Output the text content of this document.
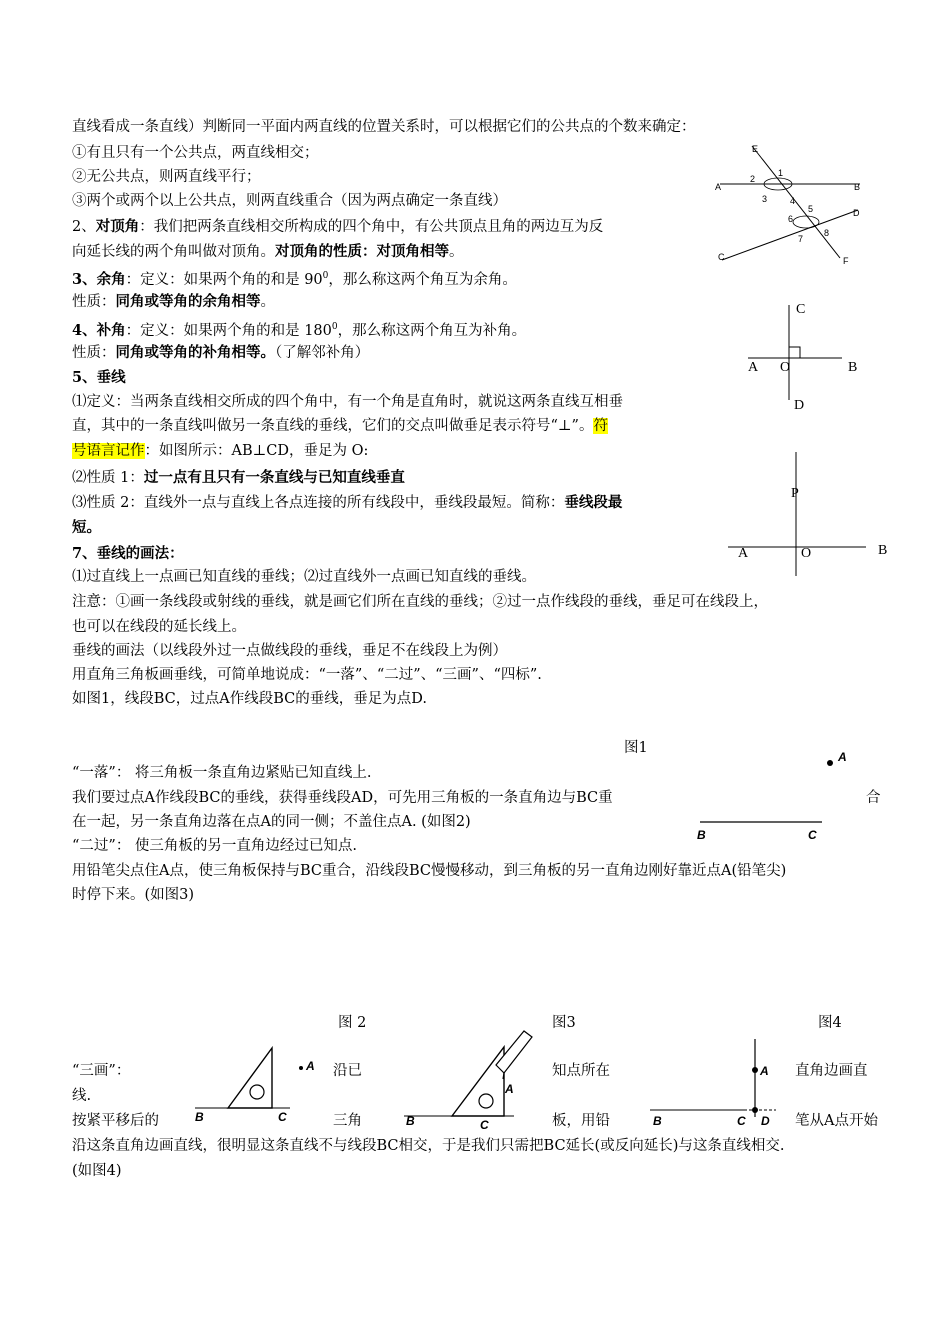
直线看成一条直线）判断同一平面内两直线的位置关系时，可以根据它们的公共点的个数来确定：
①有且只有一个公共点，两直线相交；
②无公共点，则两直线平行；
③两个或两个以上公共点，则两直线重合（因为两点确定一条直线）
2、对顶角：我们把两条直线相交所构成的四个角中，有公共顶点且角的两边互为反
向延长线的两个角叫做对顶角。对顶角的性质：对顶角相等。
3、余角：定义：如果两个角的和是 $90^0$，那么称这两个角互为余角。
性质：同角或等角的余角相等。
4、补角：定义：如果两个角的和是 $180^0$，那么称这两个角互为补角。
性质：同角或等角的补角相等。（了解邻补角）
5、垂线
⑴定义：当两条直线相交所成的四个角中，有一个角是直角时，就说这两条直线互相垂
直，其中的一条直线叫做另一条直线的垂线，它们的交点叫做垂足表示符号“⊥”。符
号语言记作：如图所示：AB⊥CD，垂足为 O:
⑵性质 1：过一点有且只有一条直线与已知直线垂直
⑶性质 2：直线外一点与直线上各点连接的所有线段中，垂线段最短。简称：垂线段最
短。
7、垂线的画法：
⑴过直线上一点画已知直线的垂线；⑵过直线外一点画已知直线的垂线。
注意：①画一条线段或射线的垂线，就是画它们所在直线的垂线；②过一点作线段的垂线，垂足可在线段上，
也可以在线段的延长线上。
垂线的画法（以线段外过一点做线段的垂线，垂足不在线段上为例）
用直角三角板画垂线，可简单地说成：“一落”、“二过”、“三画”、“四标”.
如图1，线段BC，过点A作线段BC的垂线，垂足为点D.
图1
“一落”： 将三角板一条直角边紧贴已知直线上.
我们要过点A作线段BC的垂线，获得垂线段AD，可先用三角板的一条直角边与BC重	合
在一起，另一条直角边落在点A的同一侧；不盖住点A. (如图2)
“二过”： 使三角板的另一直角边经过已知点.
用铅笔尖点住A点，使三角板保持与BC重合，沿线段BC慢慢移动，到三角板的另一直角边刚好靠近点A(铅笔尖)
时停下来。(如图3)
图 2	图3	图4
“三画”：	沿已	知点所在	直角边画直
线.
按紧平移后的	三角	板，用铅	笔从A点开始
沿这条直角边画直线，很明显这条直线不与线段BC相交，于是我们只需把BC延长(或反向延长)与这条直线相交.
(如图4)
E
1
2
A	B
3	4
5	D
6
7
8
C	F
C
A O	B
D
P
A	O	B
A
B	C
A
B	C
A
B	C
A
B	C D
